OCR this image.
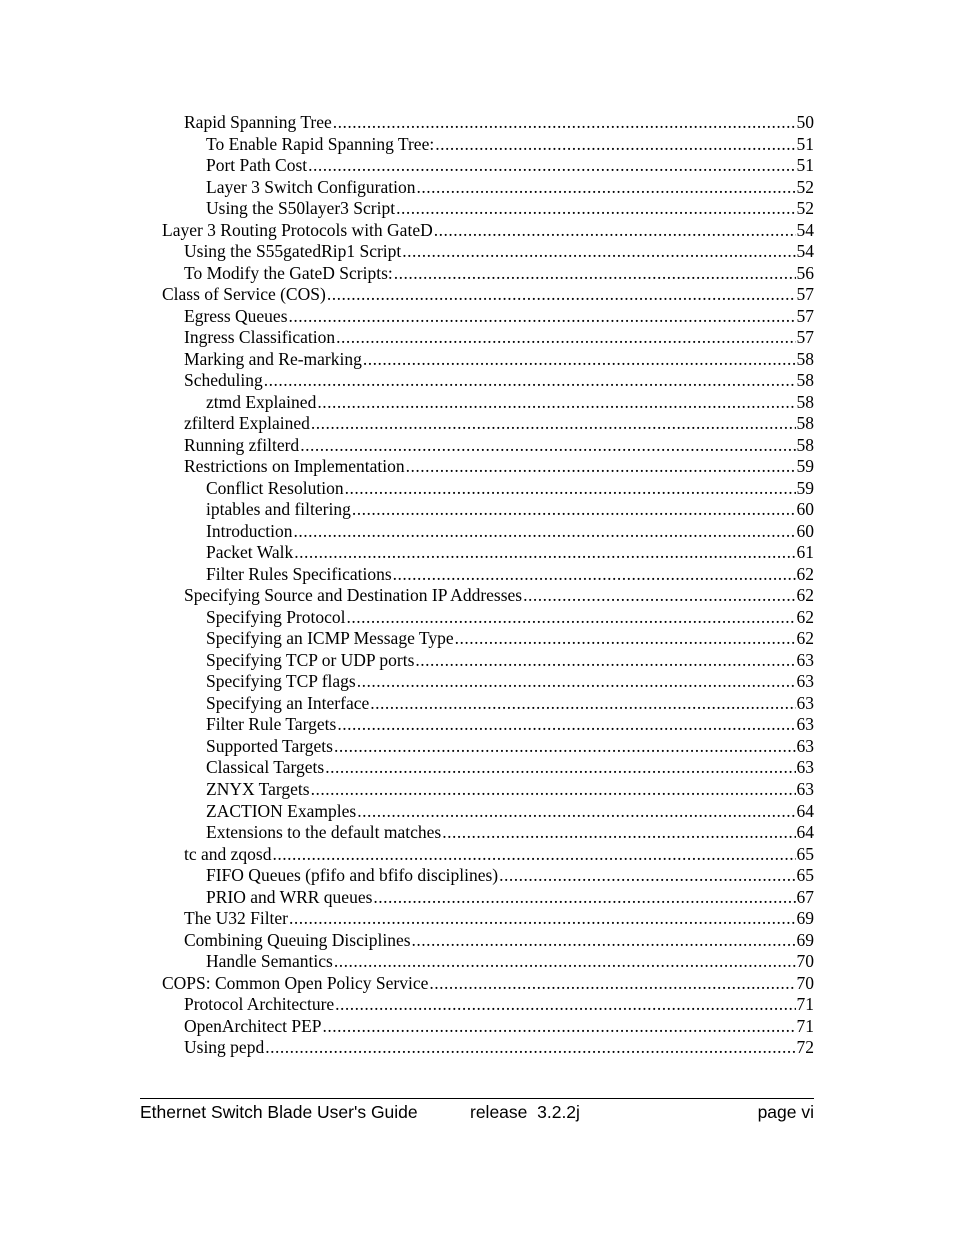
Rapid Spanning Tree .....	50
To Enable Rapid Spanning Tree: .....	51
Port Path Cost .....	51
Layer 3 Switch Configuration .....	52
Using the S50layer3 Script .....	52
Layer 3 Routing Protocols with GateD .....	54
Using the S55gatedRip1 Script .....	54
To Modify the GateD Scripts: .....	56
Class of Service (COS) .....	57
Egress Queues .....	57
Ingress Classification .....	57
Marking and Re-marking .....	58
Scheduling .....	58
ztmd Explained .....	58
zfilterd Explained .....	58
Running zfilterd .....	58
Restrictions on Implementation .....	59
Conflict Resolution .....	59
iptables and filtering .....	60
Introduction .....	60
Packet Walk .....	61
Filter Rules Specifications .....	62
Specifying Source and Destination IP Addresses .....	62
Specifying Protocol .....	62
Specifying an ICMP Message Type .....	62
Specifying TCP or UDP ports .....	63
Specifying TCP flags .....	63
Specifying an Interface .....	63
Filter Rule Targets .....	63
Supported Targets .....	63
Classical Targets .....	63
ZNYX Targets .....	63
ZACTION Examples .....	64
Extensions to the default matches .....	64
tc and zqosd .....	65
FIFO Queues (pfifo and bfifo disciplines) .....	65
PRIO and WRR queues .....	67
The U32 Filter .....	69
Combining Queuing Disciplines .....	69
Handle Semantics .....	70
COPS: Common Open Policy Service .....	70
Protocol Architecture .....	71
OpenArchitect PEP .....	71
Using pepd .....	72
Ethernet Switch Blade User's Guide	release  3.2.2j	page vi
